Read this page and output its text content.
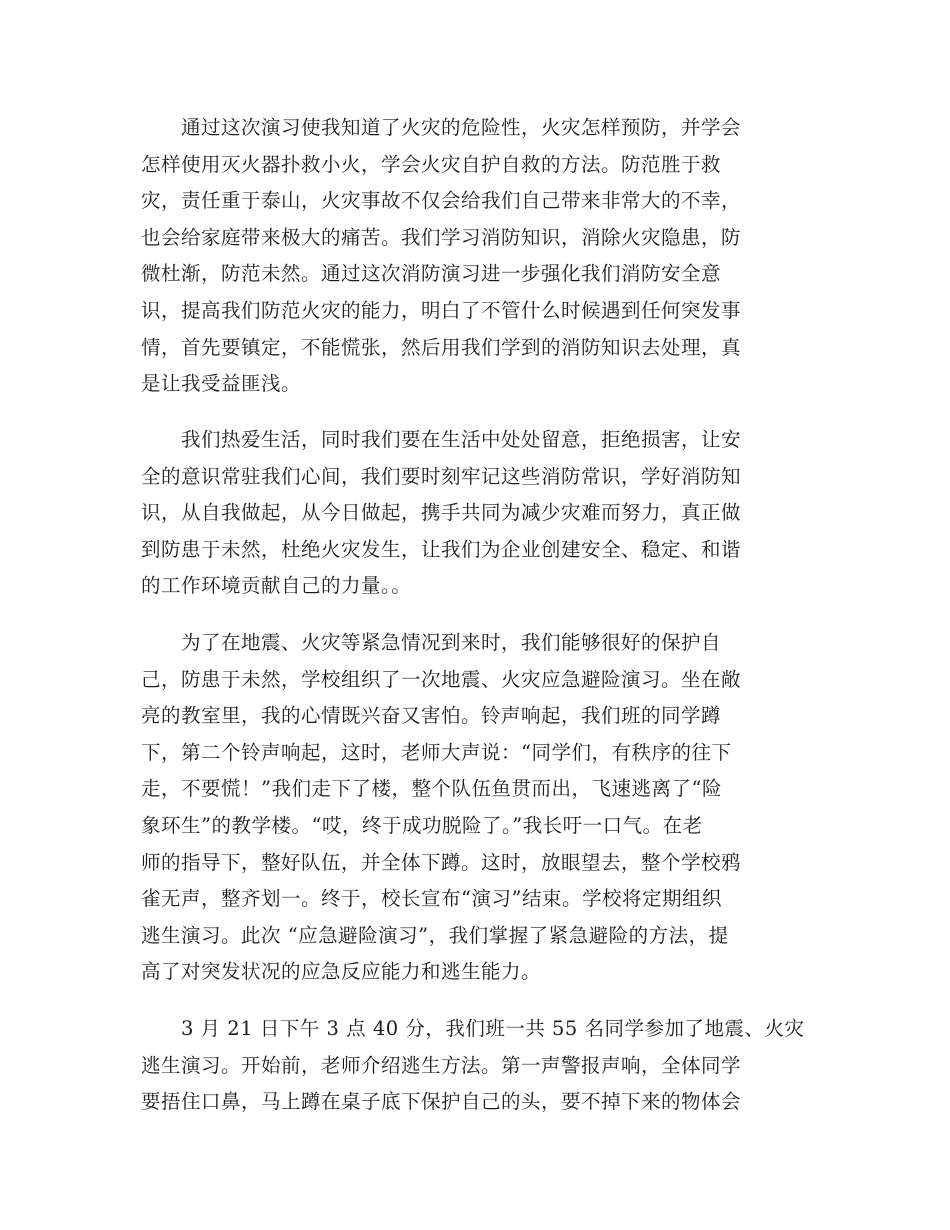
　　通过这次演习使我知道了火灾的危险性，火灾怎样预防，并学会
怎样使用灭火器扑救小火，学会火灾自护自救的方法。防范胜于救
灾，责任重于泰山，火灾事故不仅会给我们自己带来非常大的不幸，
也会给家庭带来极大的痛苦。我们学习消防知识，消除火灾隐患，防
微杜渐，防范未然。通过这次消防演习进一步强化我们消防安全意
识，提高我们防范火灾的能力，明白了不管什么时候遇到任何突发事
情，首先要镇定，不能慌张，然后用我们学到的消防知识去处理，真
是让我受益匪浅。

　　我们热爱生活，同时我们要在生活中处处留意，拒绝损害，让安
全的意识常驻我们心间，我们要时刻牢记这些消防常识，学好消防知
识，从自我做起，从今日做起，携手共同为减少灾难而努力，真正做
到防患于未然，杜绝火灾发生，让我们为企业创建安全、稳定、和谐
的工作环境贡献自己的力量。。

　　为了在地震、火灾等紧急情况到来时，我们能够很好的保护自
己，防患于未然，学校组织了一次地震、火灾应急避险演习。坐在敞
亮的教室里，我的心情既兴奋又害怕。铃声响起，我们班的同学蹲
下，第二个铃声响起，这时，老师大声说：“同学们，有秩序的往下
走，不要慌！”我们走下了楼，整个队伍鱼贯而出，飞速逃离了“险
象环生”的教学楼。“哎，终于成功脱险了。”我长吁一口气。在老
师的指导下，整好队伍，并全体下蹲。这时，放眼望去，整个学校鸦
雀无声，整齐划一。终于，校长宣布“演习”结束。学校将定期组织
逃生演习。此次 “应急避险演习”，我们掌握了紧急避险的方法，提
高了对突发状况的应急反应能力和逃生能力。

　　3 月 21 日下午 3 点 40 分，我们班一共 55 名同学参加了地震、火灾
逃生演习。开始前，老师介绍逃生方法。第一声警报声响，全体同学
要捂住口鼻，马上蹲在桌子底下保护自己的头，要不掉下来的物体会
